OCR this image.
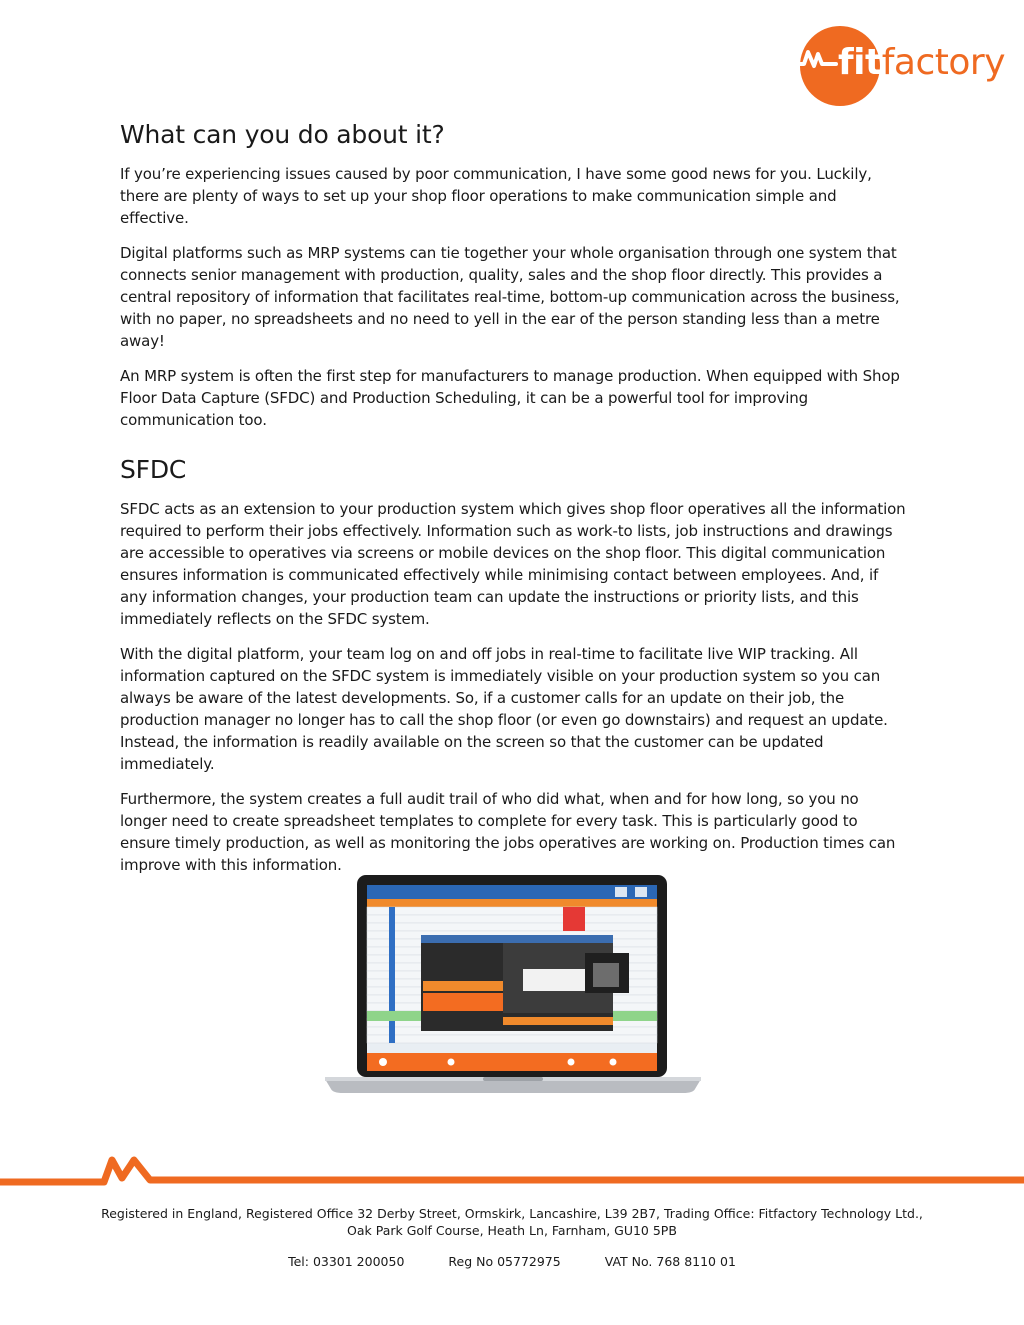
fitfactory
What can you do about it?

If you’re experiencing issues caused by poor communication, I have some good news for you. Luckily, there are plenty of ways to set up your shop floor operations to make communication simple and effective.

Digital platforms such as MRP systems can tie together your whole organisation through one system that connects senior management with production, quality, sales and the shop floor directly. This provides a central repository of information that facilitates real-time, bottom-up communication across the business, with no paper, no spreadsheets and no need to yell in the ear of the person standing less than a metre away!

An MRP system is often the first step for manufacturers to manage production. When equipped with Shop Floor Data Capture (SFDC) and Production Scheduling, it can be a powerful tool for improving communication too.

SFDC

SFDC acts as an extension to your production system which gives shop floor operatives all the information required to perform their jobs effectively. Information such as work-to lists, job instructions and drawings are accessible to operatives via screens or mobile devices on the shop floor. This digital communication ensures information is communicated effectively while minimising contact between employees. And, if any information changes, your production team can update the instructions or priority lists, and this immediately reflects on the SFDC system.

With the digital platform, your team log on and off jobs in real-time to facilitate live WIP tracking. All information captured on the SFDC system is immediately visible on your production system so you can always be aware of the latest developments. So, if a customer calls for an update on their job, the production manager no longer has to call the shop floor (or even go downstairs) and request an update. Instead, the information is readily available on the screen so that the customer can be updated immediately.

Furthermore, the system creates a full audit trail of who did what, when and for how long, so you no longer need to create spreadsheet templates to complete for every task. This is particularly good to ensure timely production, as well as monitoring the jobs operatives are working on. Production times can improve with this information.

Registered in England, Registered Office 32 Derby Street, Ormskirk, Lancashire, L39 2B7, Trading Office: Fitfactory Technology Ltd.,
Oak Park Golf Course, Heath Ln, Farnham, GU10 5PB
Tel: 03301 200050	Reg No 05772975	VAT No. 768 8110 01
